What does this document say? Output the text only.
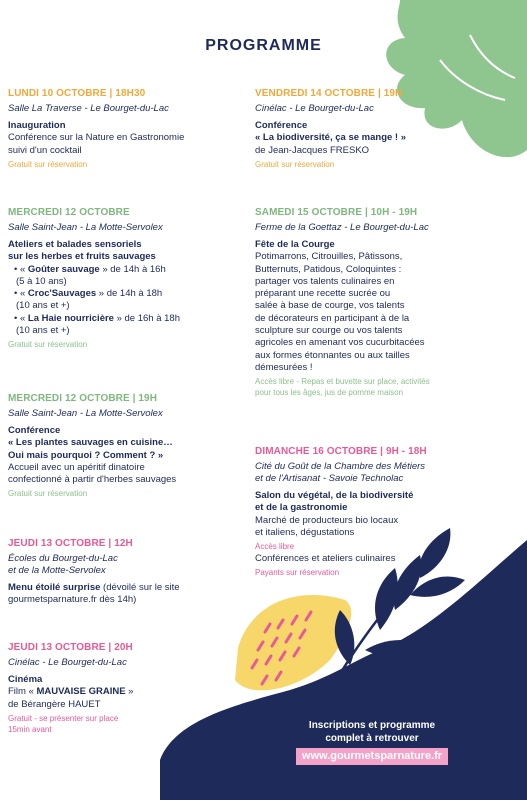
PROGRAMME
LUNDI 10 OCTOBRE | 18H30
Salle La Traverse - Le Bourget-du-Lac
Inauguration
Conférence sur la Nature en Gastronomie
suivi d'un cocktail
Gratuit sur réservation
MERCREDI 12 OCTOBRE
Salle Saint-Jean - La Motte-Servolex
Ateliers et balades sensoriels
sur les herbes et fruits sauvages
• « Goûter sauvage » de 14h à 16h
(5 à 10 ans)
• « Croc'Sauvages » de 14h à 18h
(10 ans et +)
• « La Haie nourricière » de 16h à 18h
(10 ans et +)
Gratuit sur réservation
MERCREDI 12 OCTOBRE | 19H
Salle Saint-Jean - La Motte-Servolex
Conférence
« Les plantes sauvages en cuisine…
Oui mais pourquoi ? Comment ? »
Accueil avec un apéritif dinatoire
confectionné à partir d'herbes sauvages
Gratuit sur réservation
JEUDI 13 OCTOBRE | 12H
Écoles du Bourget-du-Lac
et de la Motte-Servolex
Menu étoilé surprise (dévoilé sur le site
gourmetsparnature.fr dès 14h)
JEUDI 13 OCTOBRE | 20H
Cinélac - Le Bourget-du-Lac
Cinéma
Film « MAUVAISE GRAINE »
de Bérangère HAUET
Gratuit - se présenter sur place
15min avant
VENDREDI 14 OCTOBRE | 19H
Cinélac - Le Bourget-du-Lac
Conférence
« La biodiversité, ça se mange ! »
de Jean-Jacques FRESKO
Gratuit sur réservation
SAMEDI 15 OCTOBRE | 10H - 19H
Ferme de la Goettaz - Le Bourget-du-Lac
Fête de la Courge
Potimarrons, Citrouilles, Pâtissons,
Butternuts, Patidous, Coloquintes :
partager vos talents culinaires en
préparant une recette sucrée ou
salée à base de courge, vos talents
de décorateurs en participant à de la
sculpture sur courge ou vos talents
agricoles en amenant vos cucurbitacées
aux formes étonnantes ou aux tailles
démesurées !
Accès libre - Repas et buvette sur place, activités
pour tous les âges, jus de pomme maison
DIMANCHE 16 OCTOBRE | 9H - 18H
Cité du Goût de la Chambre des Métiers
et de l'Artisanat - Savoie Technolac
Salon du végétal, de la biodiversité
et de la gastronomie
Marché de producteurs bio locaux
et italiens, dégustations
Accès libre
Conférences et ateliers culinaires
Payants sur réservation
Inscriptions et programme
complet à retrouver
www.gourmetsparnature.fr
